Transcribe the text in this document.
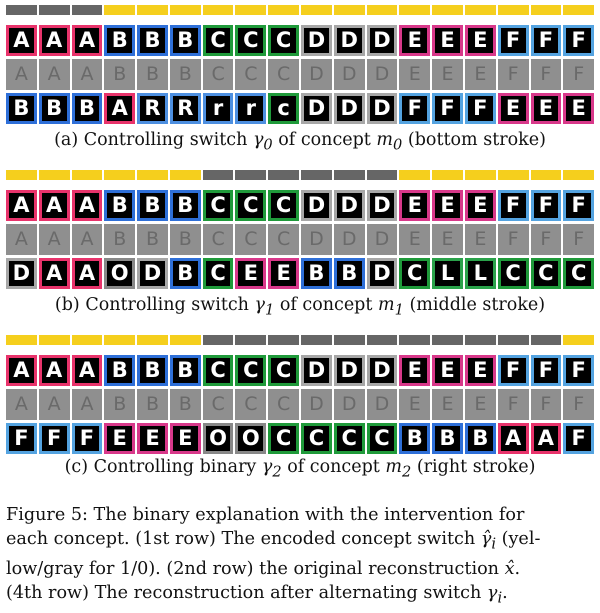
A A A B B B C C C D D D E E E F F F
A	A	A	B	B	B	C	C	C D D D	E	E	E	F	F	F
B B B A R R r	r	c D D D F F F E E E
(a) Controlling switch $\gamma_0$ of concept $m_0$ (bottom stroke)
A A A B B B C C C D D D E E E F F F
A	A	A	B	B	B	C	C	C D D D	E	E	E	F	F	F
D A A O D B C E E B B D C L L C C C
(b) Controlling switch $\gamma_1$ of concept $m_1$ (middle stroke)
A A A B B B C C C D D D E E E F F F
A	A	A	B	B	B	C	C	C D D D	E	E	E	F	F	F
F F F E E E O O C C C C B B B A A F
(c) Controlling binary $\gamma_2$ of concept $m_2$ (right stroke)
Figure 5: The binary explanation with the intervention for
each concept. (1st row) The encoded concept switch $\gammâ_i$ (yel-
low/gray for 1/0). (2nd row) the original reconstruction x̂.
(4th row) The reconstruction after alternating switch $\gamma_i$.
